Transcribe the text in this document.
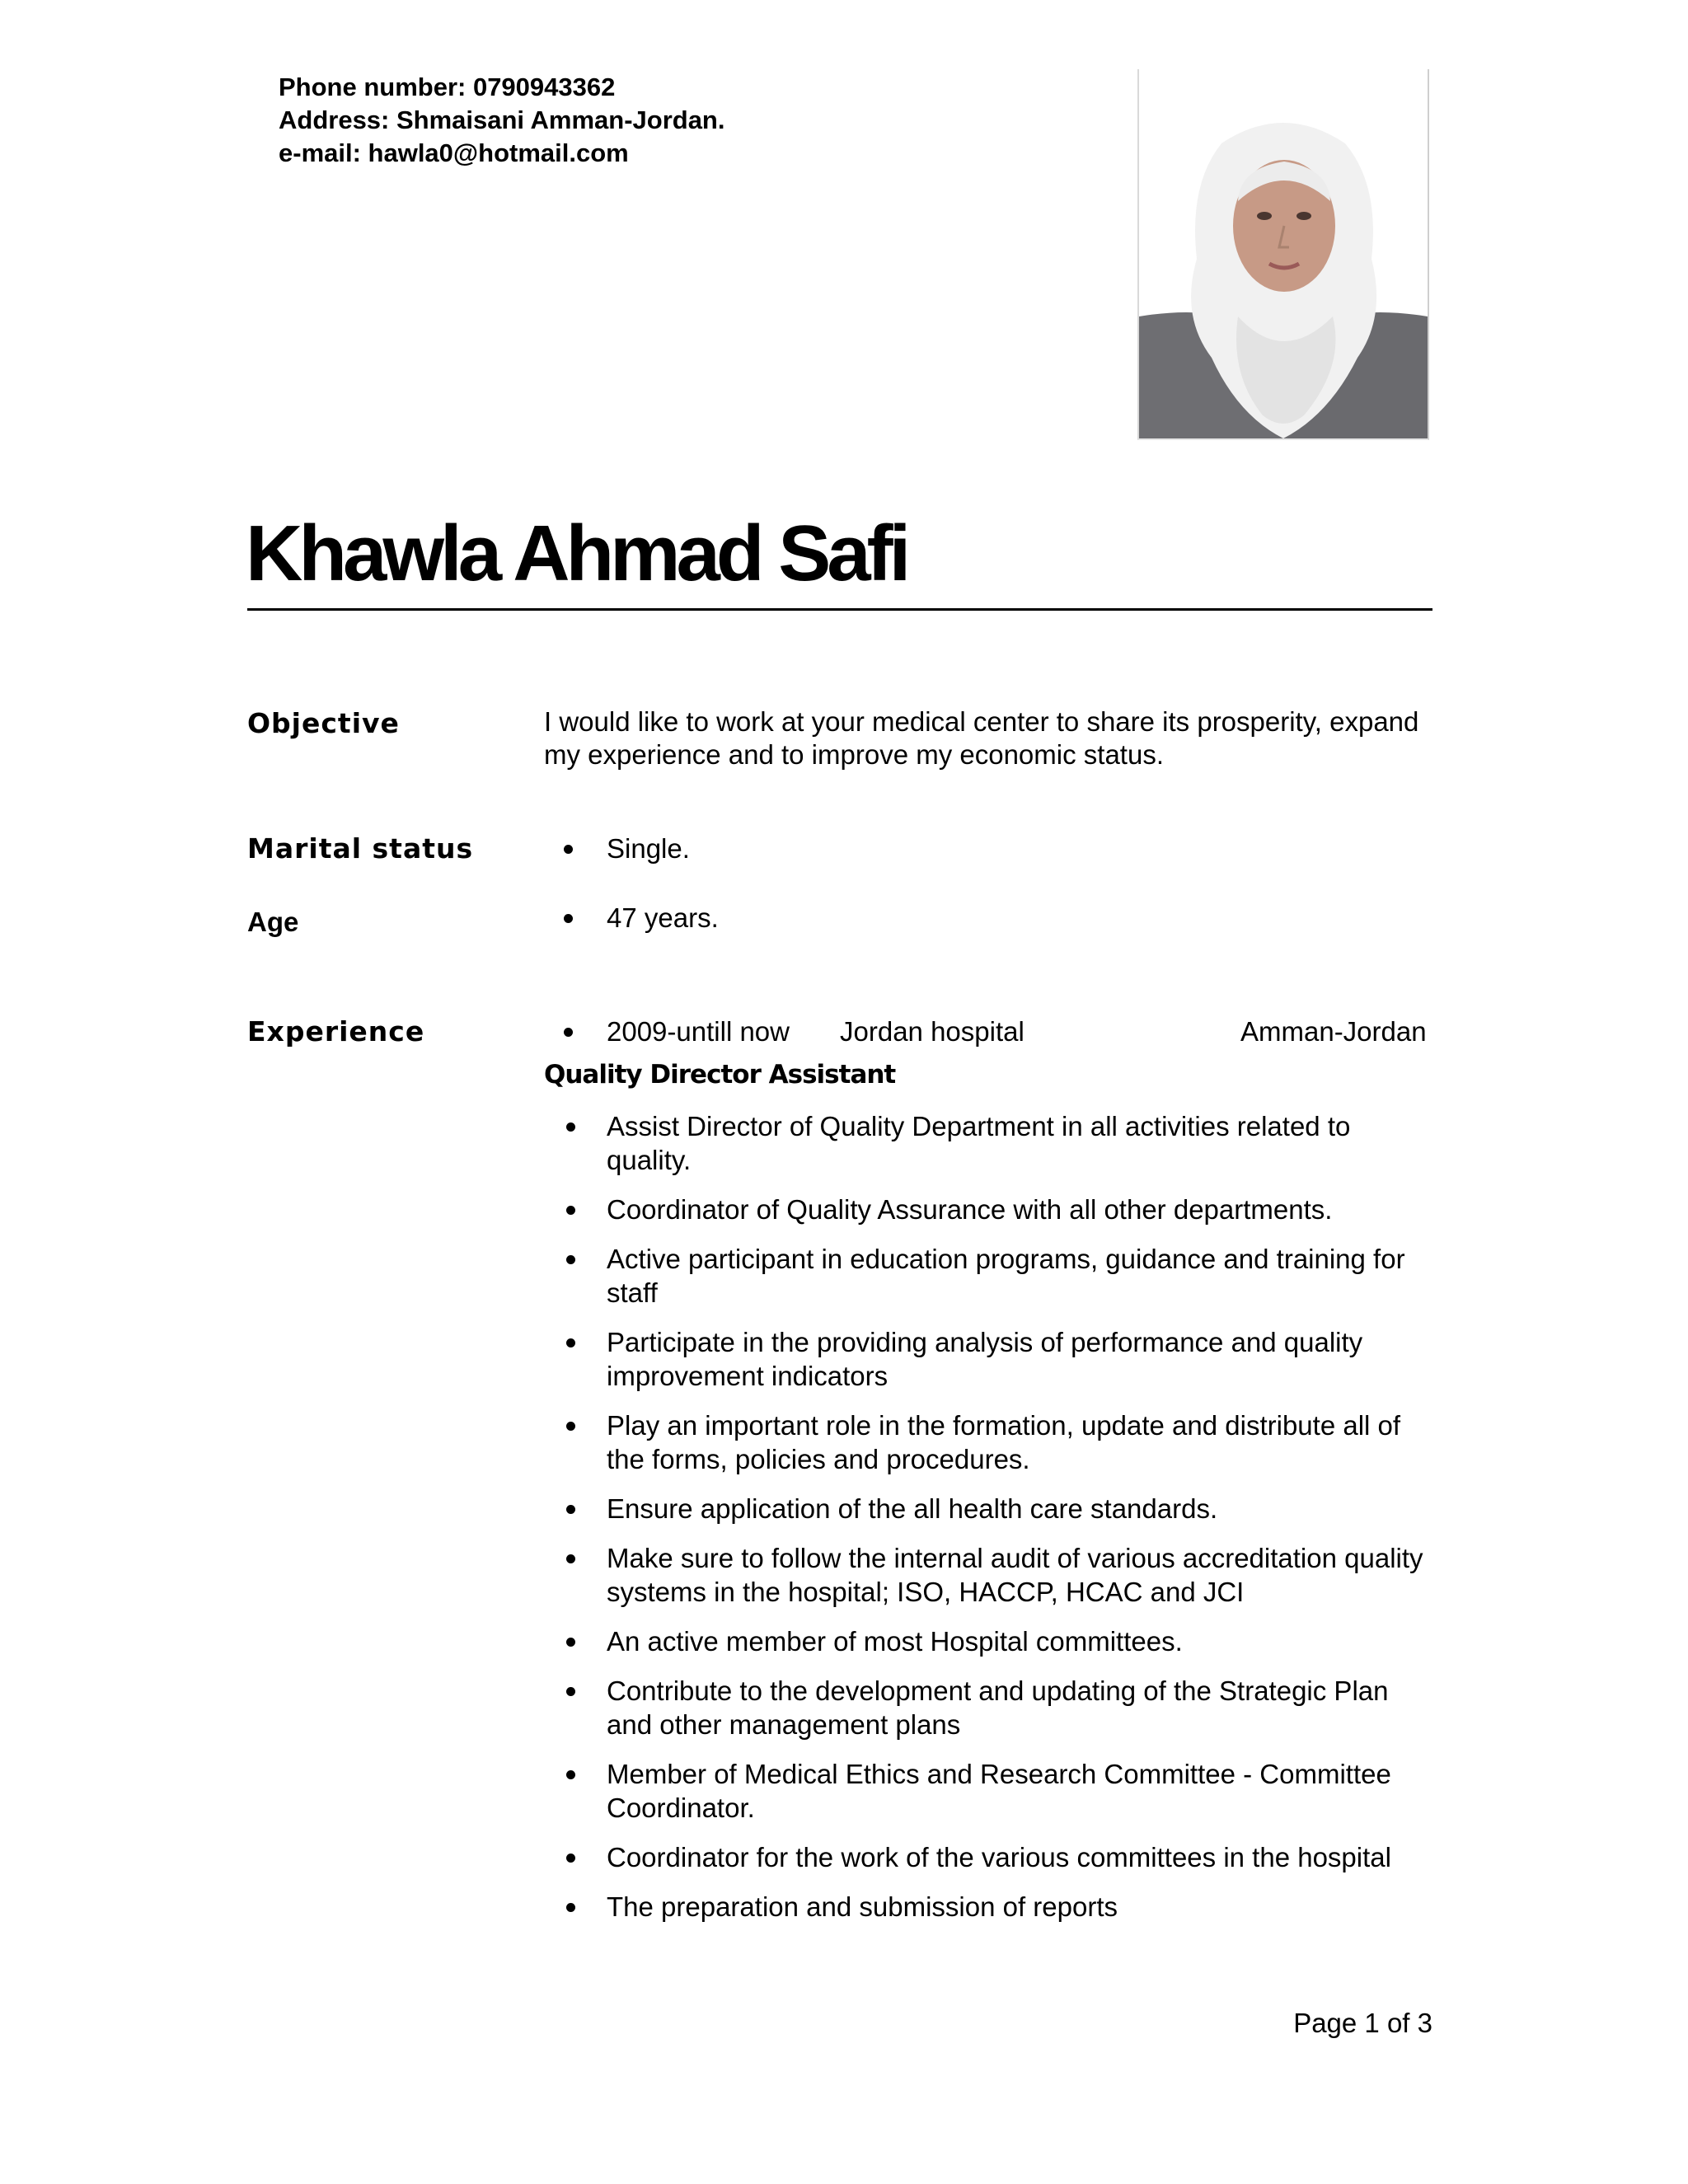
Phone number: 0790943362
Address: Shmaisani Amman-Jordan.
e-mail: hawla0@hotmail.com
Khawla Ahmad Safi
Objective	I would like to work at your medical center to share its prosperity, expand my experience and to improve my economic status.
Marital status	Single.
Age	47 years.
Experience	2009-untill now Jordan hospital	Amman-Jordan
Quality Director Assistant
Assist Director of Quality Department in all activities related to quality.
Coordinator of Quality Assurance with all other departments.
Active participant in education programs, guidance and training for staff
Participate in the providing analysis of performance and quality improvement indicators
Play an important role in the formation, update and distribute all of the forms, policies and procedures.
Ensure application of the all health care standards.
Make sure to follow the internal audit of various accreditation quality systems in the hospital; ISO, HACCP, HCAC and JCI
An active member of most Hospital committees.
Contribute to the development and updating of the Strategic Plan and other management plans
Member of Medical Ethics and Research Committee - Committee Coordinator.
Coordinator for the work of the various committees in the hospital
The preparation and submission of reports
Page 1 of 3
